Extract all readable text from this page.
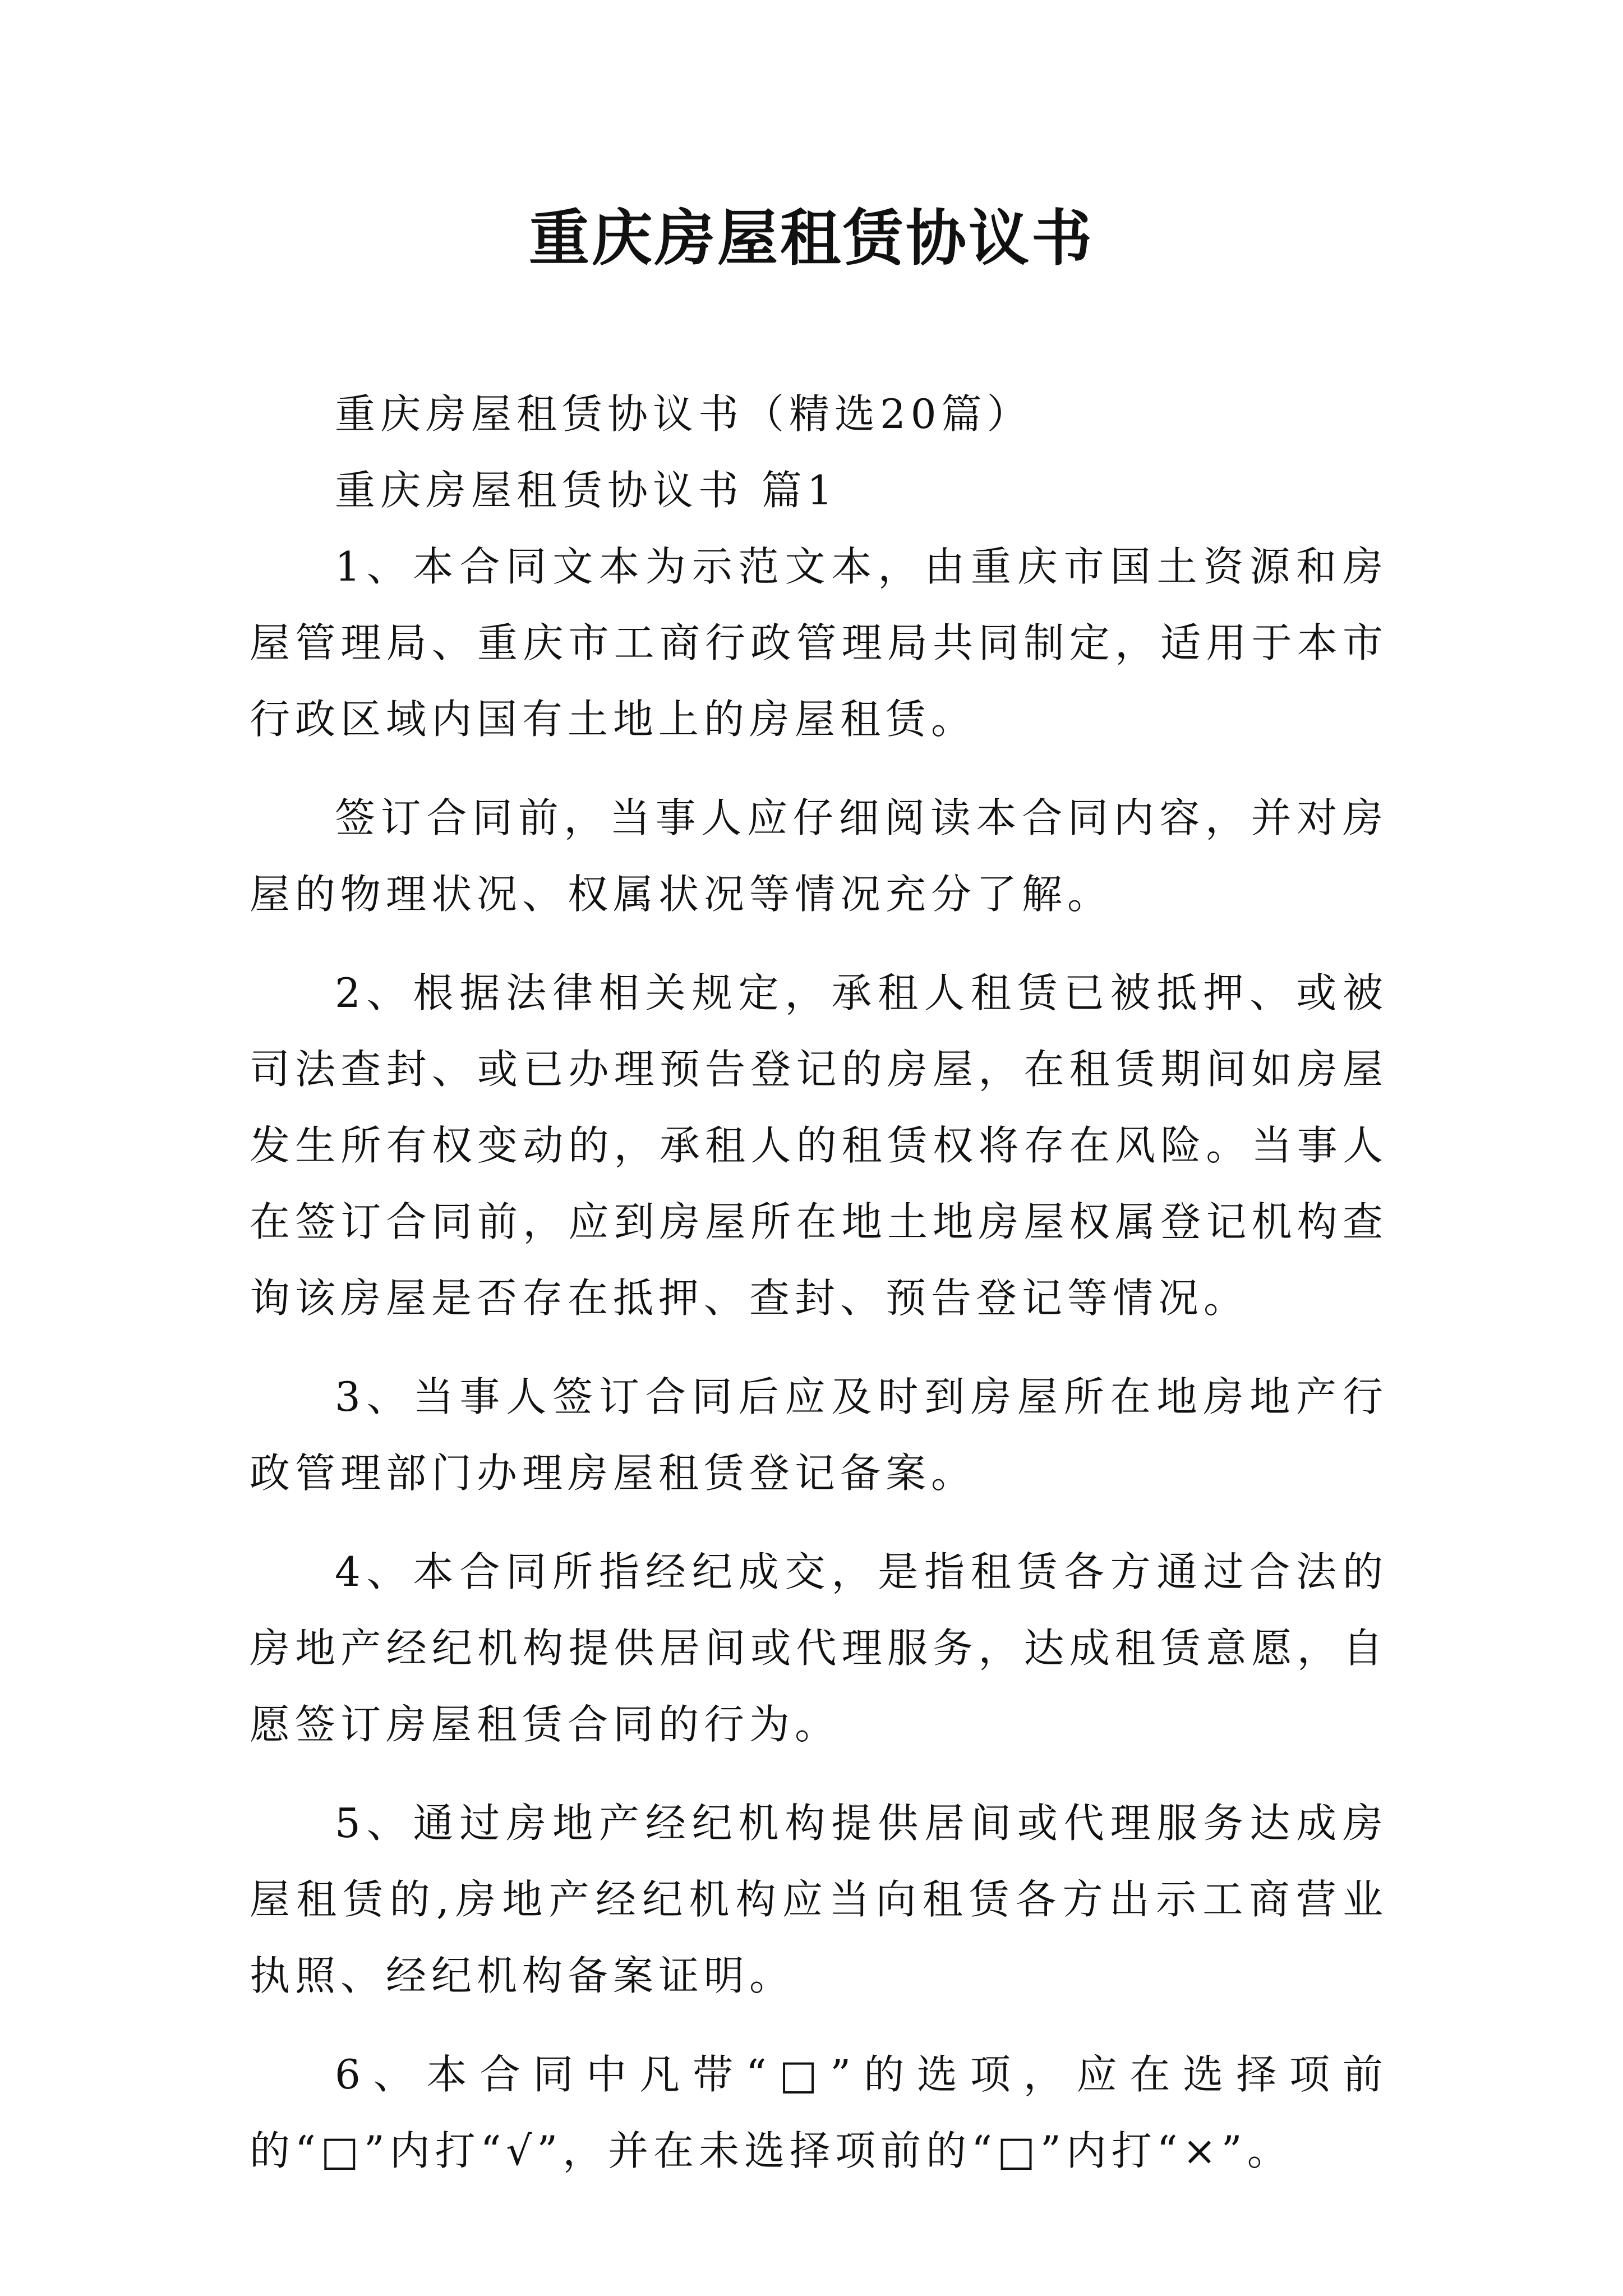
重庆房屋租赁协议书

重庆房屋租赁协议书（精选20篇）

重庆房屋租赁协议书 篇1

1、本合同文本为示范文本，由重庆市国土资源和房屋管理局、重庆市工商行政管理局共同制定，适用于本市行政区域内国有土地上的房屋租赁。

签订合同前，当事人应仔细阅读本合同内容，并对房屋的物理状况、权属状况等情况充分了解。

2、根据法律相关规定，承租人租赁已被抵押、或被司法查封、或已办理预告登记的房屋，在租赁期间如房屋发生所有权变动的，承租人的租赁权将存在风险。当事人在签订合同前，应到房屋所在地土地房屋权属登记机构查询该房屋是否存在抵押、查封、预告登记等情况。

3、当事人签订合同后应及时到房屋所在地房地产行政管理部门办理房屋租赁登记备案。

4、本合同所指经纪成交，是指租赁各方通过合法的房地产经纪机构提供居间或代理服务，达成租赁意愿，自愿签订房屋租赁合同的行为。

5、通过房地产经纪机构提供居间或代理服务达成房屋租赁的,房地产经纪机构应当向租赁各方出示工商营业执照、经纪机构备案证明。

6、本合同中凡带“□”的选项，应在选择项前的“□”内打“√”，并在未选择项前的“□”内打“×”。
